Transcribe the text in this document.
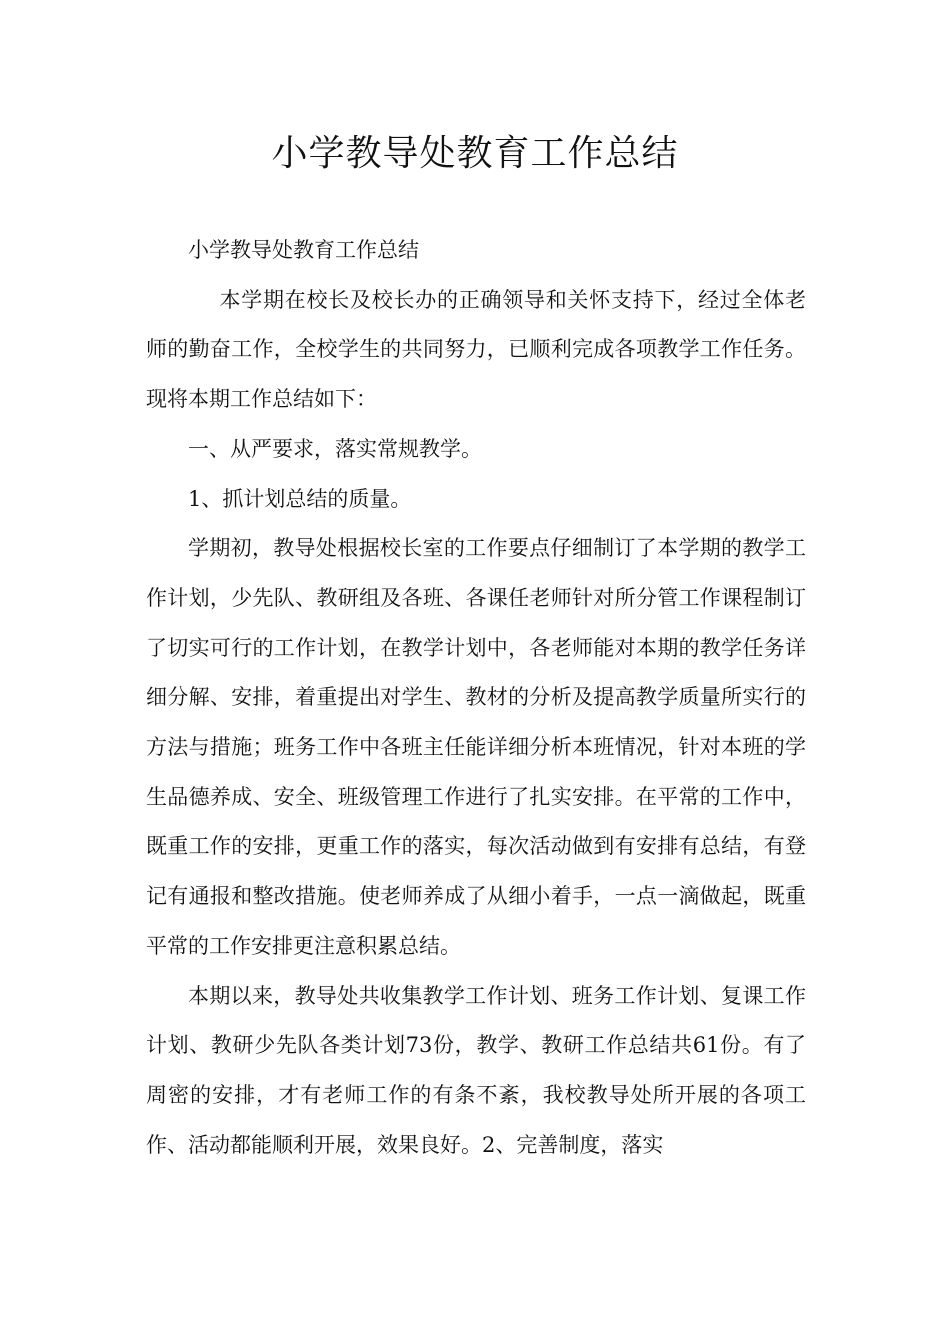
小学教导处教育工作总结

小学教导处教育工作总结

本学期在校长及校长办的正确领导和关怀支持下，经过全体老师的勤奋工作，全校学生的共同努力，已顺利完成各项教学工作任务。现将本期工作总结如下：

一、从严要求，落实常规教学。

1、抓计划总结的质量。

学期初，教导处根据校长室的工作要点仔细制订了本学期的教学工作计划，少先队、教研组及各班、各课任老师针对所分管工作课程制订了切实可行的工作计划，在教学计划中，各老师能对本期的教学任务详细分解、安排，着重提出对学生、教材的分析及提高教学质量所实行的方法与措施；班务工作中各班主任能详细分析本班情况，针对本班的学生品德养成、安全、班级管理工作进行了扎实安排。在平常的工作中，既重工作的安排，更重工作的落实，每次活动做到有安排有总结，有登记有通报和整改措施。使老师养成了从细小着手，一点一滴做起，既重平常的工作安排更注意积累总结。

本期以来，教导处共收集教学工作计划、班务工作计划、复课工作计划、教研少先队各类计划73份，教学、教研工作总结共61份。有了周密的安排，才有老师工作的有条不紊，我校教导处所开展的各项工作、活动都能顺利开展，效果良好。2、完善制度，落实
